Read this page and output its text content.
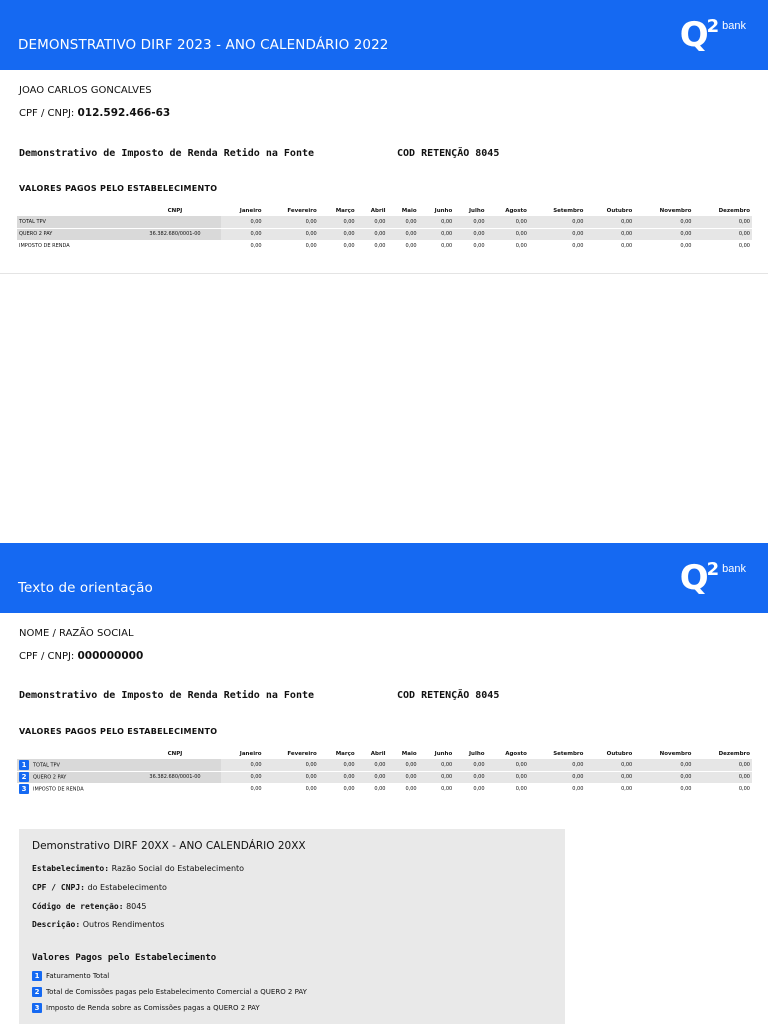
DEMONSTRATIVO DIRF 2023 - ANO CALENDÁRIO 2022	Q 2 bank
JOAO CARLOS GONCALVES
CPF / CNPJ: 012.592.466-63
Demonstrativo de Imposto de Renda Retido na Fonte	COD RETENÇÃO 8045
VALORES PAGOS PELO ESTABELECIMENTO
	CNPJ	Janeiro	Fevereiro	Março	Abril	Maio	Junho	Julho	Agosto	Setembro	Outubro	Novembro	Dezembro
TOTAL TPV		0,00	0,00	0,00	0,00	0,00	0,00	0,00	0,00	0,00	0,00	0,00	0,00
QUERO 2 PAY	36.382.680/0001-00	0,00	0,00	0,00	0,00	0,00	0,00	0,00	0,00	0,00	0,00	0,00	0,00
IMPOSTO DE RENDA		0,00	0,00	0,00	0,00	0,00	0,00	0,00	0,00	0,00	0,00	0,00	0,00
Texto de orientação	Q 2 bank
NOME / RAZÃO SOCIAL
CPF / CNPJ: 000000000
Demonstrativo de Imposto de Renda Retido na Fonte	COD RETENÇÃO 8045
VALORES PAGOS PELO ESTABELECIMENTO
	CNPJ	Janeiro	Fevereiro	Março	Abril	Maio	Junho	Julho	Agosto	Setembro	Outubro	Novembro	Dezembro
1 TOTAL TPV		0,00	0,00	0,00	0,00	0,00	0,00	0,00	0,00	0,00	0,00	0,00	0,00
2 QUERO 2 PAY	36.382.680/0001-00	0,00	0,00	0,00	0,00	0,00	0,00	0,00	0,00	0,00	0,00	0,00	0,00
3 IMPOSTO DE RENDA		0,00	0,00	0,00	0,00	0,00	0,00	0,00	0,00	0,00	0,00	0,00	0,00
Demonstrativo DIRF 20XX - ANO CALENDÁRIO 20XX
Estabelecimento: Razão Social do Estabelecimento
CPF / CNPJ: do Estabelecimento
Código de retenção: 8045
Descrição: Outros Rendimentos
Valores Pagos pelo Estabelecimento
1 Faturamento Total
2 Total de Comissões pagas pelo Estabelecimento Comercial a QUERO 2 PAY
3 Imposto de Renda sobre as Comissões pagas a QUERO 2 PAY
